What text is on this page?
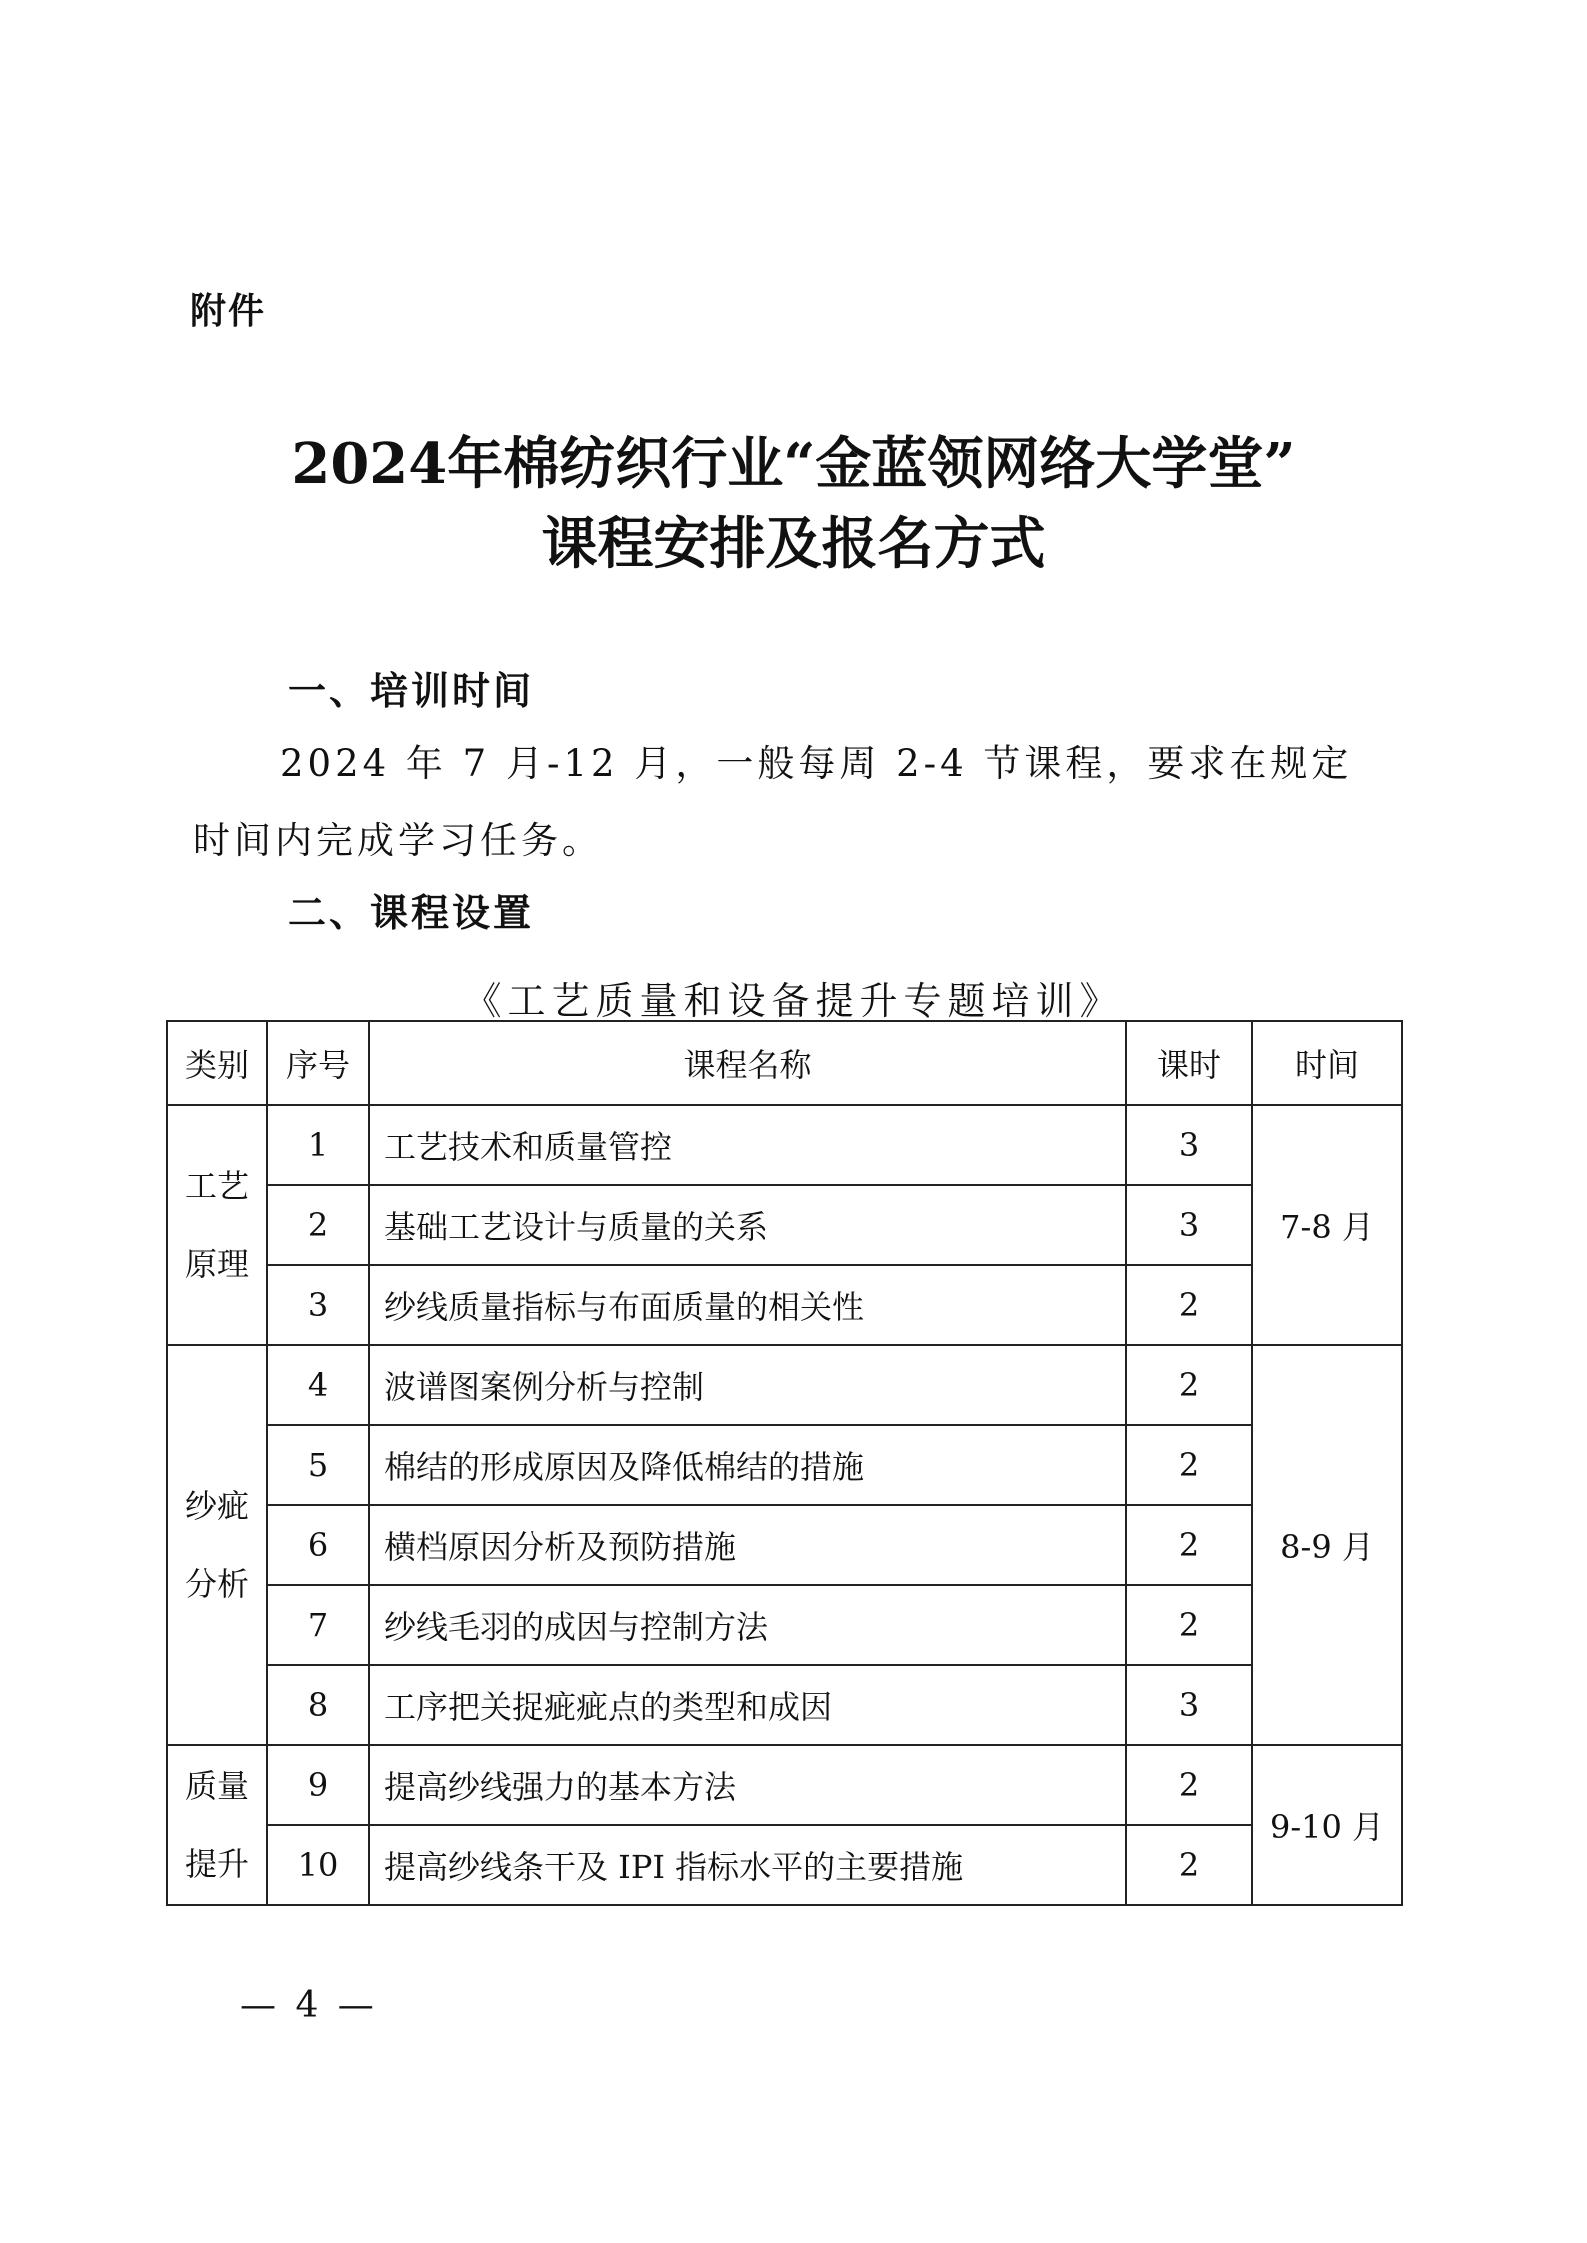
附件
2024年棉纺织行业“金蓝领网络大学堂”
课程安排及报名方式
一、培训时间
2024 年 7 月-12 月，一般每周 2-4 节课程，要求在规定
时间内完成学习任务。
二、课程设置
《工艺质量和设备提升专题培训》
类别	序号	课程名称	课时	时间

工艺
原理	1	工艺技术和质量管控	3	7-8 月
	2	基础工艺设计与质量的关系	3	
	3	纱线质量指标与布面质量的相关性	2	

纱疵
分析	4	波谱图案例分析与控制	2	8-9 月
	5	棉结的形成原因及降低棉结的措施	2	
	6	横档原因分析及预防措施	2	
	7	纱线毛羽的成因与控制方法	2	
	8	工序把关捉疵疵点的类型和成因	3	

质量
提升	9	提高纱线强力的基本方法	2	9-10 月
	10	提高纱线条干及 IPI 指标水平的主要措施	2	
— 4 —
